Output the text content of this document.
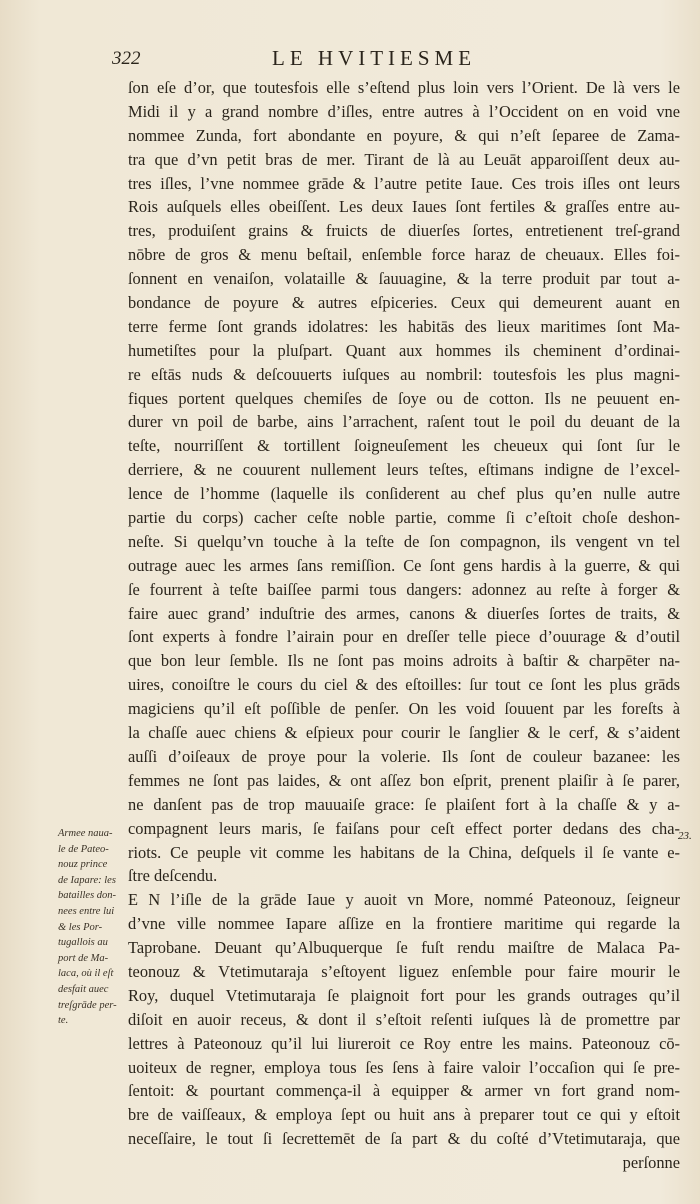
322	LE HVITIESME
ſon eſe d’or, que toutesfois elle s’eſtend plus loin vers l’Orient. De là vers le
Midi il y a grand nombre d’iſles, entre autres à l’Occident on en void vne
nommee Zunda, fort abondante en poyure, & qui n’eſt ſeparee de Zama-
tra que d’vn petit bras de mer. Tirant de là au Leuāt apparoiſſent deux au-
tres iſles, l’vne nommee grāde & l’autre petite Iaue. Ces trois iſles ont leurs
Rois auſquels elles obeiſſent. Les deux Iaues ſont fertiles & graſſes entre au-
tres, produiſent grains & fruicts de diuerſes ſortes, entretienent treſ-grand
nōbre de gros & menu beſtail, enſemble force haraz de cheuaux. Elles foi-
ſonnent en venaiſon, volataille & ſauuagine, & la terre produit par tout a-
bondance de poyure & autres eſpiceries. Ceux qui demeurent auant en
terre ferme ſont grands idolatres: les habitās des lieux maritimes ſont Ma-
humetiſtes pour la pluſpart. Quant aux hommes ils cheminent d’ordinai-
re eſtās nuds & deſcouuerts iuſques au nombril: toutesfois les plus magni-
fiques portent quelques chemiſes de ſoye ou de cotton. Ils ne peuuent en-
durer vn poil de barbe, ains l’arrachent, raſent tout le poil du deuant de la
teſte, nourriſſent & tortillent ſoigneuſement les cheueux qui ſont ſur le
derriere, & ne couurent nullement leurs teſtes, eſtimans indigne de l’excel-
lence de l’homme (laquelle ils conſiderent au chef plus qu’en nulle autre
partie du corps) cacher ceſte noble partie, comme ſi c’eſtoit choſe deshon-
neſte. Si quelqu’vn touche à la teſte de ſon compagnon, ils vengent vn tel
outrage auec les armes ſans remiſſion. Ce ſont gens hardis à la guerre, & qui
ſe fourrent à teſte baiſſee parmi tous dangers: adonnez au reſte à forger &
faire auec grand’ induſtrie des armes, canons & diuerſes ſortes de traits, &
ſont experts à fondre l’airain pour en dreſſer telle piece d’ouurage & d’outil
que bon leur ſemble. Ils ne ſont pas moins adroits à baſtir & charpēter na-
uires, conoiſtre le cours du ciel & des eſtoilles: ſur tout ce ſont les plus grāds
magiciens qu’il eſt poſſible de penſer. On les void ſouuent par les foreſts à
la chaſſe auec chiens & eſpieux pour courir le ſanglier & le cerf, & s’aident
auſſi d’oiſeaux de proye pour la volerie. Ils ſont de couleur bazanee: les
femmes ne ſont pas laides, & ont aſſez bon eſprit, prenent plaiſir à ſe parer,
ne danſent pas de trop mauuaiſe grace: ſe plaiſent fort à la chaſſe & y a-
compagnent leurs maris, ſe faiſans pour ceſt effect porter dedans des cha-
riots. Ce peuple vit comme les habitans de la China, deſquels il ſe vante e-
ſtre deſcendu.
E N l’iſle de la grāde Iaue y auoit vn More, nommé Pateonouz, ſeigneur
d’vne ville nommee Iapare aſſize en la frontiere maritime qui regarde la
Taprobane. Deuant qu’Albuquerque ſe fuſt rendu maiſtre de Malaca Pa-
teonouz & Vtetimutaraja s’eſtoyent liguez enſemble pour faire mourir le
Roy, duquel Vtetimutaraja ſe plaignoit fort pour les grands outrages qu’il
diſoit en auoir receus, & dont il s’eſtoit reſenti iuſques là de promettre par
lettres à Pateonouz qu’il lui liureroit ce Roy entre les mains. Pateonouz cō-
uoiteux de regner, employa tous ſes ſens à faire valoir l’occaſion qui ſe pre-
ſentoit: & pourtant commença-il à equipper & armer vn fort grand nom-
bre de vaiſſeaux, & employa ſept ou huit ans à preparer tout ce qui y eſtoit
neceſſaire, le tout ſi ſecrettemēt de ſa part & du coſté d’Vtetimutaraja, que
perſonne
Armee naua-
le de Pateo-
nouz prince
de Iapare: les
batailles don-
nees entre lui
& les Por-
tugallois au
port de Ma-
laca, où il eſt
desfait auec
treſgrāde per-
te.
23.
